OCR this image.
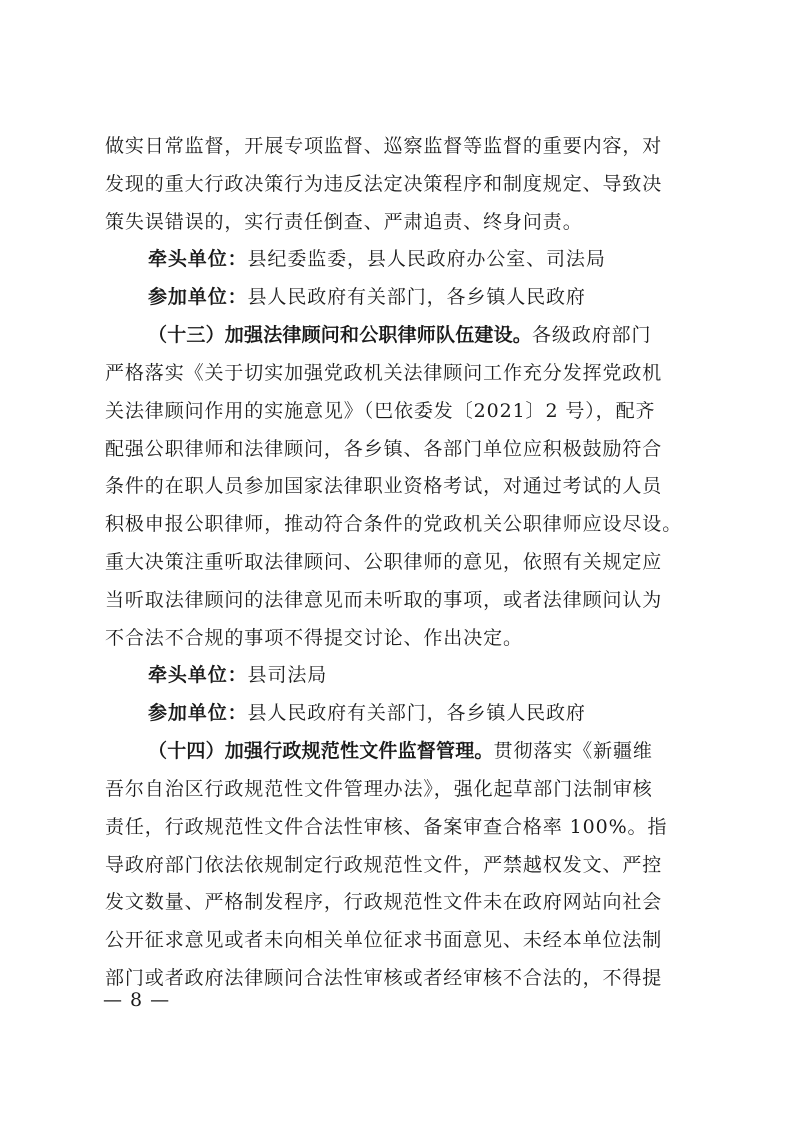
做实日常监督，开展专项监督、巡察监督等监督的重要内容，对
发现的重大行政决策行为违反法定决策程序和制度规定、导致决
策失误错误的，实行责任倒查、严肃追责、终身问责。
牵头单位：县纪委监委，县人民政府办公室、司法局
参加单位：县人民政府有关部门，各乡镇人民政府
（十三）加强法律顾问和公职律师队伍建设。各级政府部门
严格落实《关于切实加强党政机关法律顾问工作充分发挥党政机
关法律顾问作用的实施意见》（巴依委发〔2021〕2 号），配齐
配强公职律师和法律顾问，各乡镇、各部门单位应积极鼓励符合
条件的在职人员参加国家法律职业资格考试，对通过考试的人员
积极申报公职律师，推动符合条件的党政机关公职律师应设尽设。
重大决策注重听取法律顾问、公职律师的意见，依照有关规定应
当听取法律顾问的法律意见而未听取的事项，或者法律顾问认为
不合法不合规的事项不得提交讨论、作出决定。
牵头单位：县司法局
参加单位：县人民政府有关部门，各乡镇人民政府
（十四）加强行政规范性文件监督管理。贯彻落实《新疆维
吾尔自治区行政规范性文件管理办法》，强化起草部门法制审核
责任，行政规范性文件合法性审核、备案审查合格率 100%。指
导政府部门依法依规制定行政规范性文件，严禁越权发文、严控
发文数量、严格制发程序，行政规范性文件未在政府网站向社会
公开征求意见或者未向相关单位征求书面意见、未经本单位法制
部门或者政府法律顾问合法性审核或者经审核不合法的，不得提
— 8 —
